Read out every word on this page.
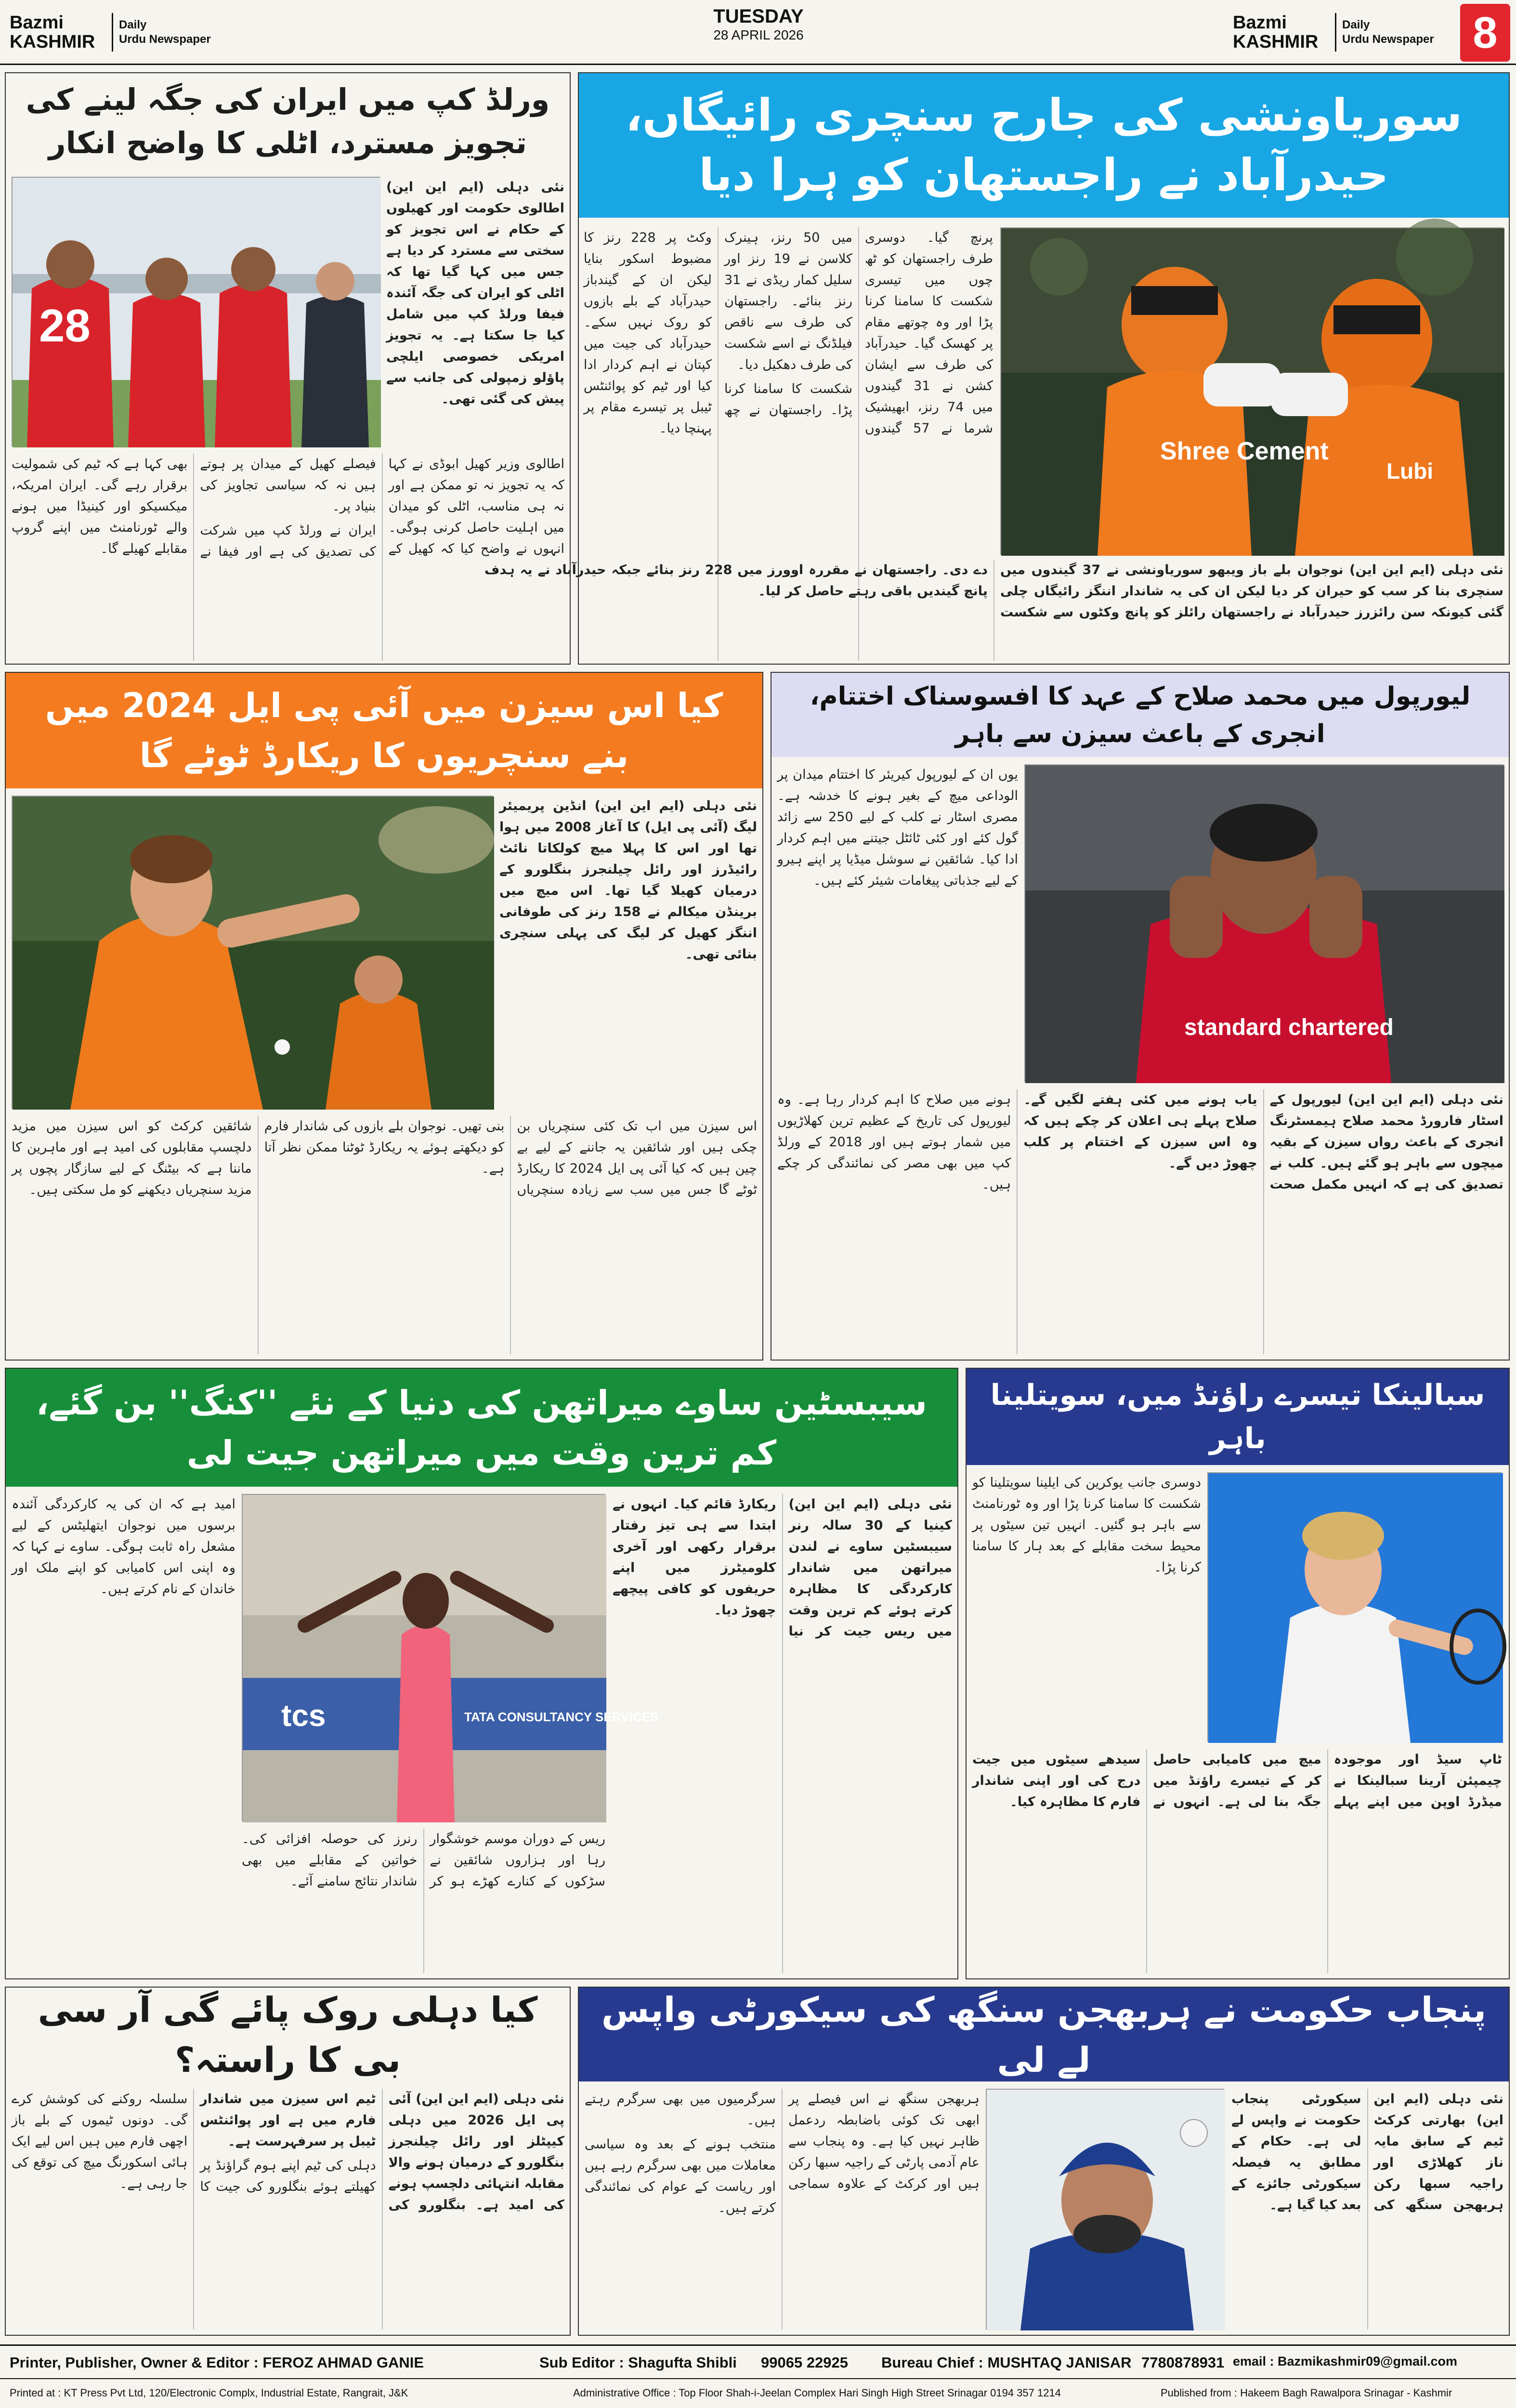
Bazmi
KASHMIR
Daily
Urdu Newspaper
TUESDAY
28 APRIL 2026
Bazmi
KASHMIR
Daily
Urdu Newspaper 8
سوریاونشی کی جارح سنچری رائیگاں، حیدرآباد نے راجستھان کو ہرا دیا

پرنچ گیا۔ دوسری طرف راجستھان کو ٹھ چوں میں تیسری شکست کا سامنا کرنا پڑا اور وہ چوتھے مقام پر کھسک گیا۔ حیدرآباد کی طرف سے ایشان کشن نے 31 گیندوں میں 74 رنز، ابھیشیک شرما نے 57 گیندوں میں 50 رنز، ہینرک کلاسن نے 19 رنز اور سلیل کمار ریڈی نے 31 رنز بنائے۔ راجستھان کی طرف سے ناقص فیلڈنگ نے اسے شکست کی طرف دھکیل دیا۔

شکست کا سامنا کرنا پڑا۔ راجستھان نے چھ وکٹ پر 228 رنز کا مضبوط اسکور بنایا لیکن ان کے گیندباز حیدرآباد کے بلے بازوں کو روک نہیں سکے۔ حیدرآباد کی جیت میں کپتان نے اہم کردار ادا کیا اور ٹیم کو پوائنٹس ٹیبل پر تیسرے مقام پر پہنچا دیا۔

Shree Cement
Lubi

نئی دہلی (ایم این این) نوجوان بلے باز ویبھو سوریاونشی نے 37 گیندوں میں سنچری بنا کر سب کو حیران کر دیا لیکن ان کی یہ شاندار اننگز رائیگاں چلی گئی کیونکہ سن رائزرز حیدرآباد نے راجستھان رائلز کو پانچ وکٹوں سے شکست دے دی۔ راجستھان نے مقررہ اوورز میں 228 رنز بنائے جبکہ حیدرآباد نے یہ ہدف پانچ گیندیں باقی رہتے حاصل کر لیا۔

ورلڈ کپ میں ایران کی جگہ لینے کی تجویز مسترد، اٹلی کا واضح انکار

نئی دہلی (ایم این این) اطالوی حکومت اور کھیلوں کے حکام نے اس تجویز کو سختی سے مسترد کر دیا ہے جس میں کہا گیا تھا کہ اٹلی کو ایران کی جگہ آئندہ فیفا ورلڈ کپ میں شامل کیا جا سکتا ہے۔ یہ تجویز امریکی خصوصی ایلچی پاؤلو زمپولی کی جانب سے پیش کی گئی تھی۔

28

اطالوی وزیر کھیل ابوڈی نے کہا کہ یہ تجویز نہ تو ممکن ہے اور نہ ہی مناسب، اٹلی کو میدان میں اہلیت حاصل کرنی ہوگی۔ انہوں نے واضح کیا کہ کھیل کے فیصلے کھیل کے میدان پر ہوتے ہیں نہ کہ سیاسی تجاویز کی بنیاد پر۔

ایران نے ورلڈ کپ میں شرکت کی تصدیق کی ہے اور فیفا نے بھی کہا ہے کہ ٹیم کی شمولیت برقرار رہے گی۔ ایران امریکہ، میکسیکو اور کینیڈا میں ہونے والے ٹورنامنٹ میں اپنے گروپ مقابلے کھیلے گا۔

لیورپول میں محمد صلاح کے عہد کا افسوسناک اختتام، انجری کے باعث سیزن سے باہر

یوں ان کے لیورپول کیریئر کا اختتام میدان پر الوداعی میچ کے بغیر ہونے کا خدشہ ہے۔ مصری اسٹار نے کلب کے لیے 250 سے زائد گول کئے اور کئی ٹائٹل جیتنے میں اہم کردار ادا کیا۔ شائقین نے سوشل میڈیا پر اپنے ہیرو کے لیے جذباتی پیغامات شیئر کئے ہیں۔

standard chartered

نئی دہلی (ایم این این) لیورپول کے اسٹار فارورڈ محمد صلاح ہیمسٹرنگ انجری کے باعث رواں سیزن کے بقیہ میچوں سے باہر ہو گئے ہیں۔ کلب نے تصدیق کی ہے کہ انہیں مکمل صحت یاب ہونے میں کئی ہفتے لگیں گے۔ صلاح پہلے ہی اعلان کر چکے ہیں کہ وہ اس سیزن کے اختتام پر کلب چھوڑ دیں گے۔

ہونے میں صلاح کا اہم کردار رہا ہے۔ وہ لیورپول کی تاریخ کے عظیم ترین کھلاڑیوں میں شمار ہوتے ہیں اور 2018 کے ورلڈ کپ میں بھی مصر کی نمائندگی کر چکے ہیں۔

کیا اس سیزن میں آئی پی ایل 2024 میں بنے سنچریوں کا ریکارڈ ٹوٹے گا

نئی دہلی (ایم این این) انڈین پریمیئر لیگ (آئی پی ایل) کا آغاز 2008 میں ہوا تھا اور اس کا پہلا میچ کولکاتا نائٹ رائیڈرز اور رائل چیلنجرز بنگلورو کے درمیان کھیلا گیا تھا۔ اس میچ میں برینڈن میکالم نے 158 رنز کی طوفانی اننگز کھیل کر لیگ کی پہلی سنچری بنائی تھی۔

اس سیزن میں اب تک کئی سنچریاں بن چکی ہیں اور شائقین یہ جاننے کے لیے بے چین ہیں کہ کیا آئی پی ایل 2024 کا ریکارڈ ٹوٹے گا جس میں سب سے زیادہ سنچریاں بنی تھیں۔ نوجوان بلے بازوں کی شاندار فارم کو دیکھتے ہوئے یہ ریکارڈ ٹوٹنا ممکن نظر آتا ہے۔

شائقین کرکٹ کو اس سیزن میں مزید دلچسپ مقابلوں کی امید ہے اور ماہرین کا ماننا ہے کہ بیٹنگ کے لیے سازگار پچوں پر مزید سنچریاں دیکھنے کو مل سکتی ہیں۔

سبالینکا تیسرے راؤنڈ میں، سویتلینا باہر

دوسری جانب یوکرین کی ایلینا سویتلینا کو شکست کا سامنا کرنا پڑا اور وہ ٹورنامنٹ سے باہر ہو گئیں۔ انہیں تین سیٹوں پر محیط سخت مقابلے کے بعد ہار کا سامنا کرنا پڑا۔

ٹاپ سیڈ اور موجودہ چیمپئن آرینا سبالینکا نے میڈرڈ اوپن میں اپنے پہلے میچ میں کامیابی حاصل کر کے تیسرے راؤنڈ میں جگہ بنا لی ہے۔ انہوں نے سیدھے سیٹوں میں جیت درج کی اور اپنی شاندار فارم کا مظاہرہ کیا۔

سیبسٹین ساوے میراتھن کی دنیا کے نئے ''کنگ'' بن گئے، کم ترین وقت میں میراتھن جیت لی

نئی دہلی (ایم این این) کینیا کے 30 سالہ رنر سیبسٹین ساوے نے لندن میراتھن میں شاندار کارکردگی کا مظاہرہ کرتے ہوئے کم ترین وقت میں ریس جیت کر نیا ریکارڈ قائم کیا۔ انہوں نے ابتدا سے ہی تیز رفتار برقرار رکھی اور آخری کلومیٹرز میں اپنے حریفوں کو کافی پیچھے چھوڑ دیا۔

tcs	TATA CONSULTANCY SERVICES

ریس کے دوران موسم خوشگوار رہا اور ہزاروں شائقین نے سڑکوں کے کنارے کھڑے ہو کر رنرز کی حوصلہ افزائی کی۔ خواتین کے مقابلے میں بھی شاندار نتائج سامنے آئے۔

امید ہے کہ ان کی یہ کارکردگی آئندہ برسوں میں نوجوان ایتھلیٹس کے لیے مشعل راہ ثابت ہوگی۔ ساوے نے کہا کہ وہ اپنی اس کامیابی کو اپنے ملک اور خاندان کے نام کرتے ہیں۔

پنجاب حکومت نے ہربھجن سنگھ کی سیکورٹی واپس لے لی

نئی دہلی (ایم این این) بھارتی کرکٹ ٹیم کے سابق مایہ ناز کھلاڑی اور راجیہ سبھا رکن ہربھجن سنگھ کی سیکورٹی پنجاب حکومت نے واپس لے لی ہے۔ حکام کے مطابق یہ فیصلہ سیکورٹی جائزے کے بعد کیا گیا ہے۔

ہربھجن سنگھ نے اس فیصلے پر ابھی تک کوئی باضابطہ ردعمل ظاہر نہیں کیا ہے۔ وہ پنجاب سے عام آدمی پارٹی کے راجیہ سبھا رکن ہیں اور کرکٹ کے علاوہ سماجی سرگرمیوں میں بھی سرگرم رہتے ہیں۔

منتخب ہونے کے بعد وہ سیاسی معاملات میں بھی سرگرم رہے ہیں اور ریاست کے عوام کی نمائندگی کرتے ہیں۔

کیا دہلی روک پائے گی آر سی بی کا راستہ؟

نئی دہلی (ایم این این) آئی پی ایل 2026 میں دہلی کیپٹلز اور رائل چیلنجرز بنگلورو کے درمیان ہونے والا مقابلہ انتہائی دلچسپ ہونے کی امید ہے۔ بنگلورو کی ٹیم اس سیزن میں شاندار فارم میں ہے اور پوائنٹس ٹیبل پر سرفہرست ہے۔

دہلی کی ٹیم اپنے ہوم گراؤنڈ پر کھیلتے ہوئے بنگلورو کی جیت کا سلسلہ روکنے کی کوشش کرے گی۔ دونوں ٹیموں کے بلے باز اچھی فارم میں ہیں اس لیے ایک ہائی اسکورنگ میچ کی توقع کی جا رہی ہے۔

Printer, Publisher, Owner & Editor : FEROZ AHMAD GANIE	Sub Editor : Shagufta Shibli 99065 22925 Bureau Chief : MUSHTAQ JANISAR 7780878931 email : Bazmikashmir09@gmail.com
Printed at : KT Press Pvt Ltd, 120/Electronic Complx, Industrial Estate, Rangrait, J&K	Administrative Office : Top Floor Shah-i-Jeelan Complex Hari Singh High Street Srinagar 0194 357 1214	Published from : Hakeem Bagh Rawalpora Srinagar - Kashmir
